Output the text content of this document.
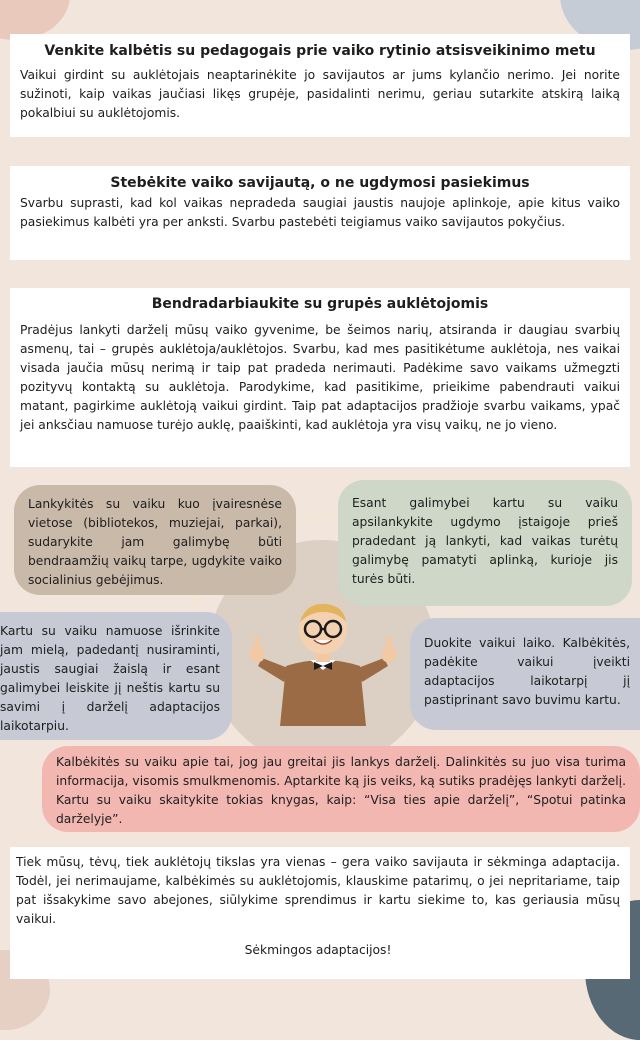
Venkite kalbėtis su pedagogais prie vaiko rytinio atsisveikinimo metu

Vaikui girdint su auklėtojais neaptarinėkite jo savijautos ar jums kylančio nerimo. Jei norite sužinoti, kaip vaikas jaučiasi likęs grupėje, pasidalinti nerimu, geriau sutarkite atskirą laiką pokalbiui su auklėtojomis.

Stebėkite vaiko savijautą, o ne ugdymosi pasiekimus

Svarbu suprasti, kad kol vaikas nepradeda saugiai jaustis naujoje aplinkoje, apie kitus vaiko pasiekimus kalbėti yra per anksti. Svarbu pastebėti teigiamus vaiko savijautos pokyčius.

Bendradarbiaukite su grupės auklėtojomis

Pradėjus lankyti darželį mūsų vaiko gyvenime, be šeimos narių, atsiranda ir daugiau svarbių asmenų, tai – grupės auklėtoja/auklėtojos. Svarbu, kad mes pasitikėtume auklėtoja, nes vaikai visada jaučia mūsų nerimą ir taip pat pradeda nerimauti. Padėkime savo vaikams užmegzti pozityvų kontaktą su auklėtoja. Parodykime, kad pasitikime, prieikime pabendrauti vaikui matant, pagirkime auklėtoją vaikui girdint. Taip pat adaptacijos pradžioje svarbu vaikams, ypač jei anksčiau namuose turėjo auklę, paaiškinti, kad auklėtoja yra visų vaikų, ne jo vieno.

Lankykitės su vaiku kuo įvairesnėse vietose (bibliotekos, muziejai, parkai), sudarykite jam galimybę būti bendraamžių vaikų tarpe, ugdykite vaiko socialinius gebėjimus.

Esant galimybei kartu su vaiku apsilankykite ugdymo įstaigoje prieš pradedant ją lankyti, kad vaikas turėtų galimybę pamatyti aplinką, kurioje jis turės būti.

Kartu su vaiku namuose išrinkite jam mielą, padedantį nusiraminti, jaustis saugiai žaislą ir esant galimybei leiskite jį neštis kartu su savimi į darželį adaptacijos laikotarpiu.

Duokite vaikui laiko. Kalbėkitės, padėkite vaikui įveikti adaptacijos laikotarpį jį pastiprinant savo buvimu kartu.

Kalbėkitės su vaiku apie tai, jog jau greitai jis lankys darželį. Dalinkitės su juo visa turima informacija, visomis smulkmenomis. Aptarkite ką jis veiks, ką sutiks pradėjęs lankyti darželį. Kartu su vaiku skaitykite tokias knygas, kaip: “Visa ties apie darželį”, “Spotui patinka darželyje”.

Tiek mūsų, tėvų, tiek auklėtojų tikslas yra vienas – gera vaiko savijauta ir sėkminga adaptacija. Todėl, jei nerimaujame, kalbėkimės su auklėtojomis, klauskime patarimų, o jei nepritariame, taip pat išsakykime savo abejones, siūlykime sprendimus ir kartu siekime to, kas geriausia mūsų vaikui.

Sėkmingos adaptacijos!
